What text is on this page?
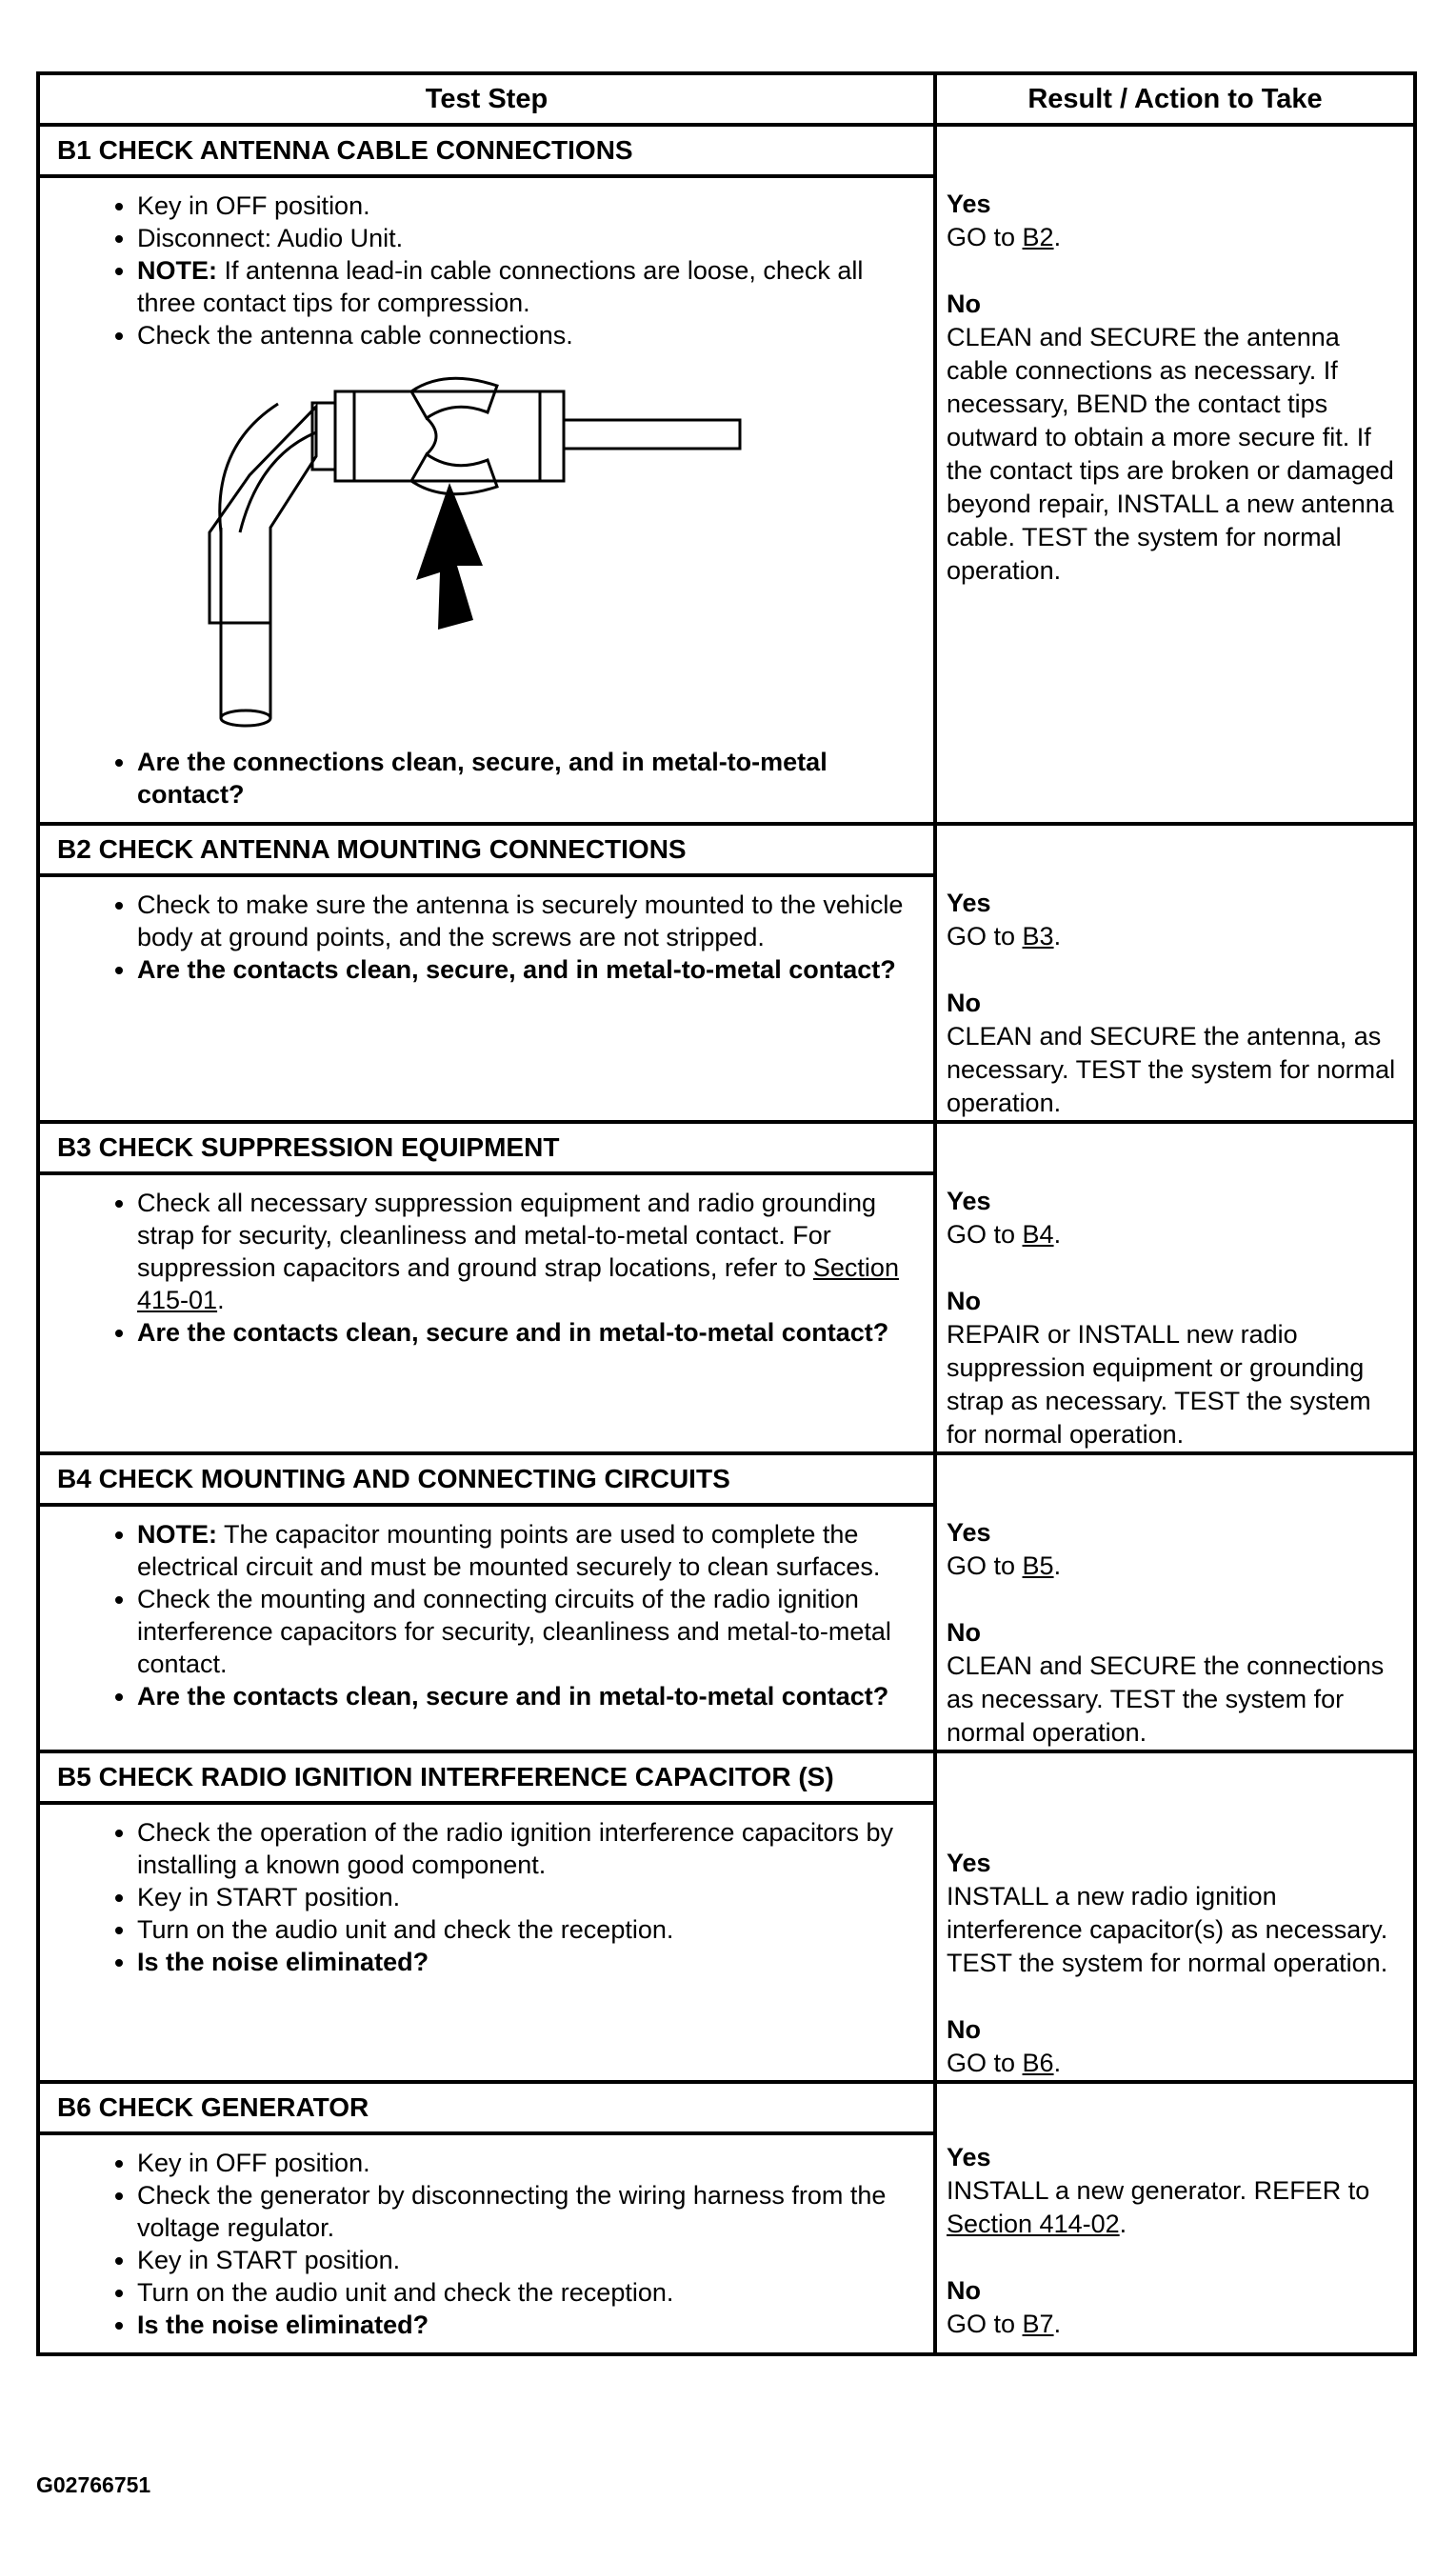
Test Step	Result / Action to Take
B1 CHECK ANTENNA CABLE CONNECTIONS
• Key in OFF position.
• Disconnect: Audio Unit.
• NOTE: If antenna lead-in cable connections are loose, check all three contact tips for compression.
• Check the antenna cable connections.
• Are the connections clean, secure, and in metal-to-metal contact?
Yes
GO to B2.
No
CLEAN and SECURE the antenna cable connections as necessary. If necessary, BEND the contact tips outward to obtain a more secure fit. If the contact tips are broken or damaged beyond repair, INSTALL a new antenna cable. TEST the system for normal operation.
B2 CHECK ANTENNA MOUNTING CONNECTIONS
• Check to make sure the antenna is securely mounted to the vehicle body at ground points, and the screws are not stripped.
• Are the contacts clean, secure, and in metal-to-metal contact?
Yes
GO to B3.
No
CLEAN and SECURE the antenna, as necessary. TEST the system for normal operation.
B3 CHECK SUPPRESSION EQUIPMENT
• Check all necessary suppression equipment and radio grounding strap for security, cleanliness and metal-to-metal contact. For suppression capacitors and ground strap locations, refer to Section 415-01.
• Are the contacts clean, secure and in metal-to-metal contact?
Yes
GO to B4.
No
REPAIR or INSTALL new radio suppression equipment or grounding strap as necessary. TEST the system for normal operation.
B4 CHECK MOUNTING AND CONNECTING CIRCUITS
• NOTE: The capacitor mounting points are used to complete the electrical circuit and must be mounted securely to clean surfaces.
• Check the mounting and connecting circuits of the radio ignition interference capacitors for security, cleanliness and metal-to-metal contact.
• Are the contacts clean, secure and in metal-to-metal contact?
Yes
GO to B5.
No
CLEAN and SECURE the connections as necessary. TEST the system for normal operation.
B5 CHECK RADIO IGNITION INTERFERENCE CAPACITOR (S)
• Check the operation of the radio ignition interference capacitors by installing a known good component.
• Key in START position.
• Turn on the audio unit and check the reception.
• Is the noise eliminated?
Yes
INSTALL a new radio ignition interference capacitor(s) as necessary. TEST the system for normal operation.
No
GO to B6.
B6 CHECK GENERATOR
• Key in OFF position.
• Check the generator by disconnecting the wiring harness from the voltage regulator.
• Key in START position.
• Turn on the audio unit and check the reception.
• Is the noise eliminated?
Yes
INSTALL a new generator. REFER to Section 414-02.
No
GO to B7.
G02766751
